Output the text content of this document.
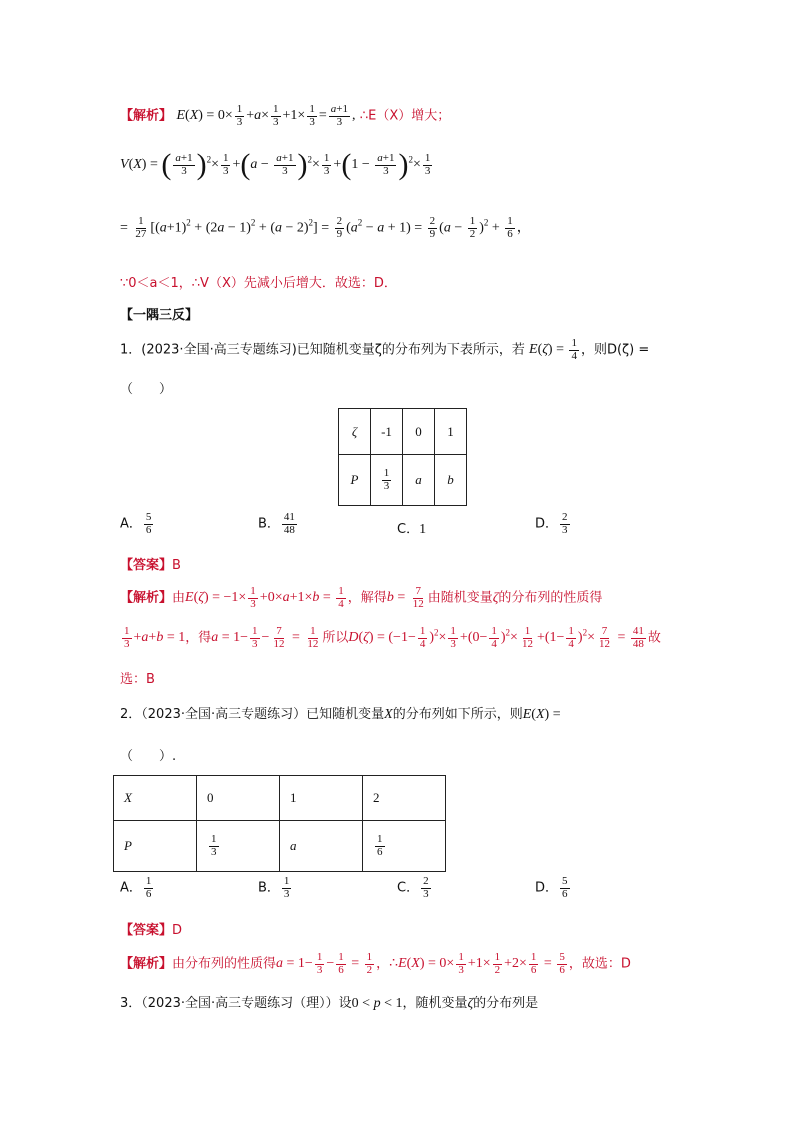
【解析】 $E(X) = 0\times \frac{1}{3} +a\times \frac{1}{3} +1\times \frac{1}{3} = \frac{a+1}{3}$ , ∴E（X）增大；
V(X) = ( $\frac{a+1}{3} )^2\times \frac{1}{3} +(a - \frac{a+1}{3} )^2\times \frac{1}{3} +(1 - \frac{a+1}{3} )^2\times \frac{1}{3}$
= $\frac{1}{27} [(a+1)^2 + (2a - 1)^2 + (a - 2)^2] = \frac{2}{9} (a^2 - a + 1) = \frac{2}{9} (a - \frac{1}{2} )^2 + \frac{1}{6}$ ，
∵0＜a＜1，∴V（X）先减小后增大．故选：D．
【一隅三反】
1．(2023·全国·高三专题练习)已知随机变量ζ的分布列为下表所示，若 $E(\zeta) = \frac{1}{4}$ ，则D(ζ) =
（　　）
ζ	-1	0	1
P	$\frac{1}{3}$	a	b
A． $\frac{5}{6}$	B． $\frac{41}{48}$	C．1	D． $\frac{2}{3}$
【答案】B
【解析】由$E(\zeta) = -1\times \frac{1}{3} +0\times a+1\times b = \frac{1}{4}$ ，解得$b = \frac{7}{12}$ 由随机变量ζ的分布列的性质得
$\frac{1}{3} +a+b = 1$，得$a = 1- \frac{1}{3} - \frac{7}{12} = \frac{1}{12}$ 所以$D(\zeta) = (-1- \frac{1}{4} )^2\times \frac{1}{3} +(0- \frac{1}{4} )^2\times \frac{1}{12} +(1- \frac{1}{4} )^2\times \frac{7}{12} = \frac{41}{48}$ 故
选：B
2．（2023·全国·高三专题练习）已知随机变量X的分布列如下所示，则E(X) =
（　　）.
X	0	1	2
P	$\frac{1}{3}$	a	$\frac{1}{6}$
A． $\frac{1}{6}$	B． $\frac{1}{3}$	C． $\frac{2}{3}$	D． $\frac{5}{6}$
【答案】D
【解析】由分布列的性质得$a = 1- \frac{1}{3} - \frac{1}{6} = \frac{1}{2}$ ，∴E(X) = $0\times \frac{1}{3} +1\times \frac{1}{2} +2\times \frac{1}{6} = \frac{5}{6}$ ，故选：D
3．（2023·全国·高三专题练习（理））设0 < p < 1，随机变量ζ的分布列是
